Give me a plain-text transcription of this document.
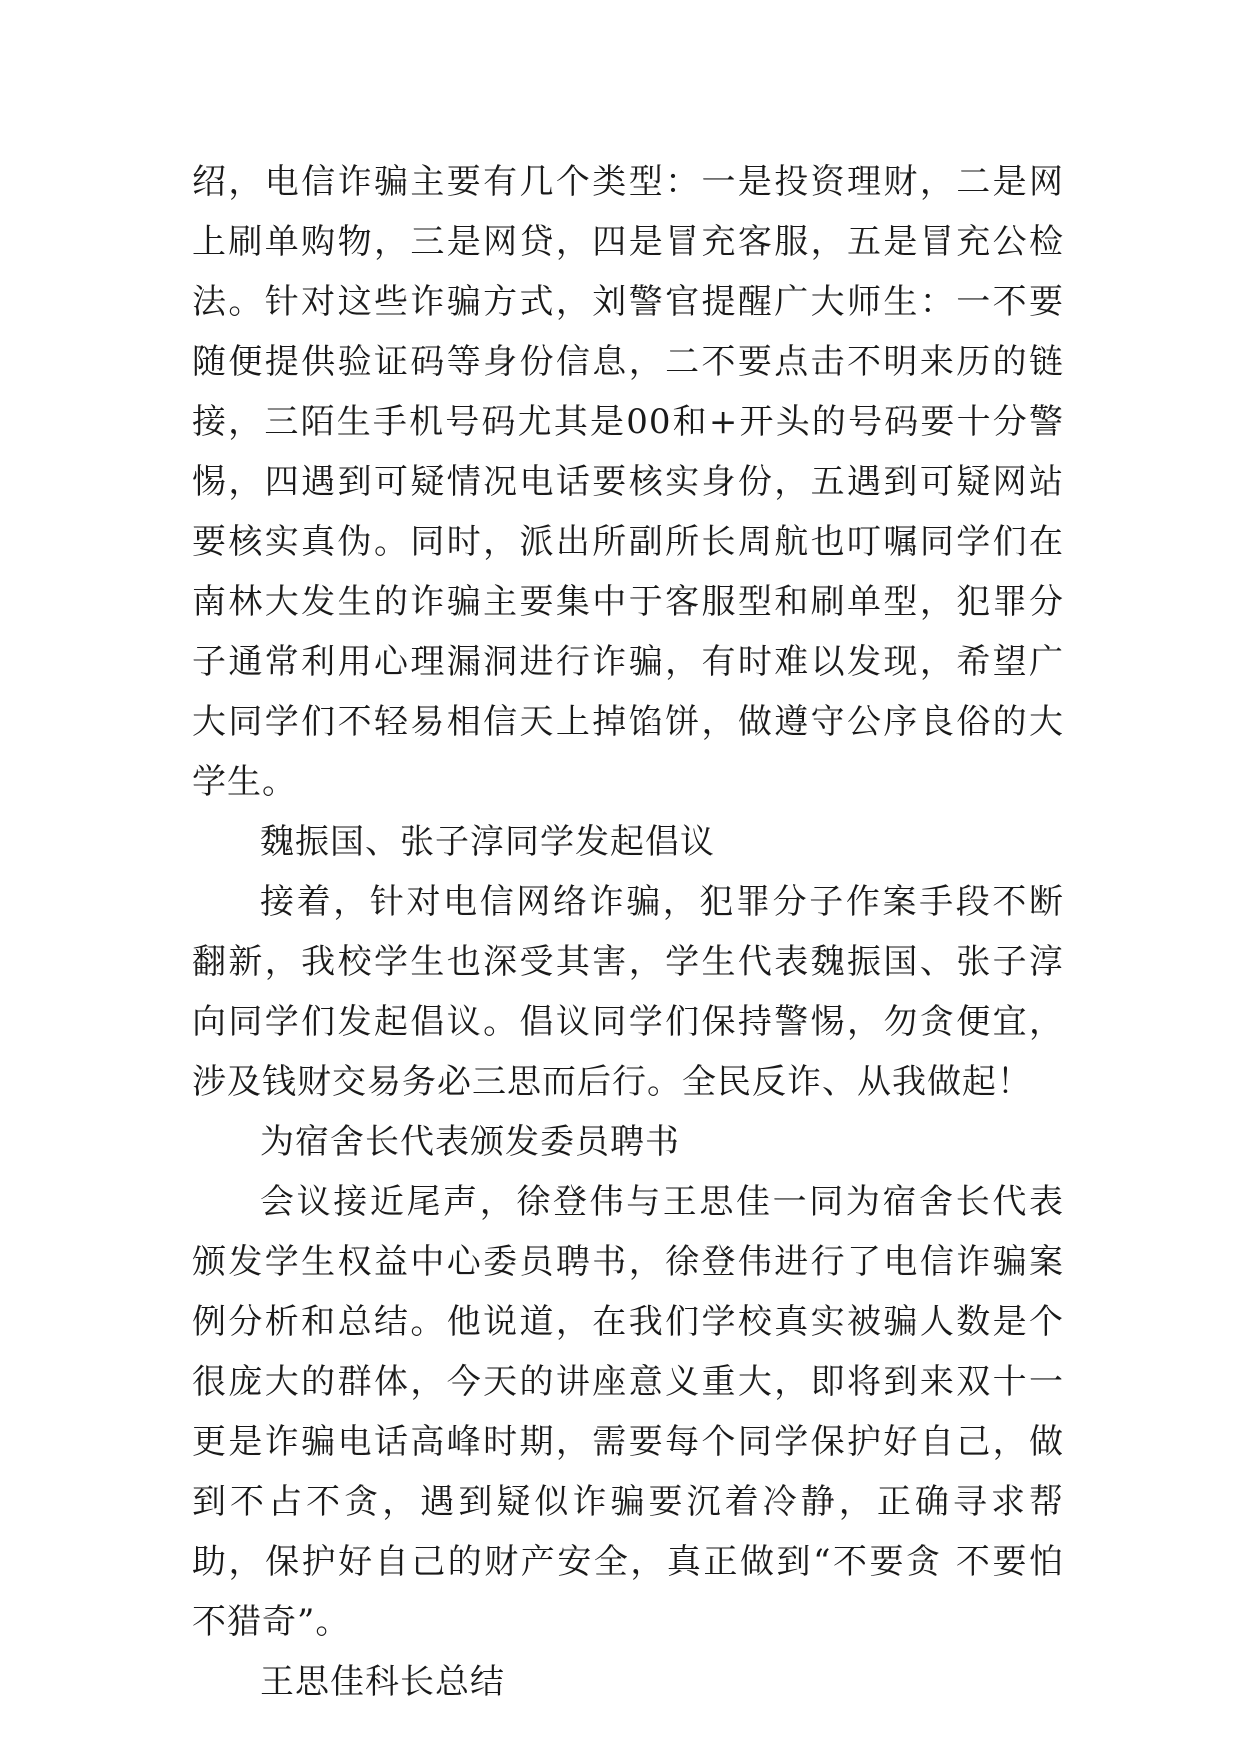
绍，电信诈骗主要有几个类型：一是投资理财，二是网上刷单购物，三是网贷，四是冒充客服，五是冒充公检法。针对这些诈骗方式，刘警官提醒广大师生：一不要随便提供验证码等身份信息，二不要点击不明来历的链接，三陌生手机号码尤其是00和+开头的号码要十分警惕，四遇到可疑情况电话要核实身份，五遇到可疑网站要核实真伪。同时，派出所副所长周航也叮嘱同学们在南林大发生的诈骗主要集中于客服型和刷单型，犯罪分子通常利用心理漏洞进行诈骗，有时难以发现，希望广大同学们不轻易相信天上掉馅饼，做遵守公序良俗的大学生。

魏振国、张子淳同学发起倡议

接着，针对电信网络诈骗，犯罪分子作案手段不断翻新，我校学生也深受其害，学生代表魏振国、张子淳向同学们发起倡议。倡议同学们保持警惕，勿贪便宜，涉及钱财交易务必三思而后行。全民反诈、从我做起！

为宿舍长代表颁发委员聘书

会议接近尾声，徐登伟与王思佳一同为宿舍长代表颁发学生权益中心委员聘书，徐登伟进行了电信诈骗案例分析和总结。他说道，在我们学校真实被骗人数是个很庞大的群体，今天的讲座意义重大，即将到来双十一更是诈骗电话高峰时期，需要每个同学保护好自己，做到不占不贪，遇到疑似诈骗要沉着冷静，正确寻求帮助，保护好自己的财产安全，真正做到“不要贪 不要怕 不猎奇”。

王思佳科长总结
